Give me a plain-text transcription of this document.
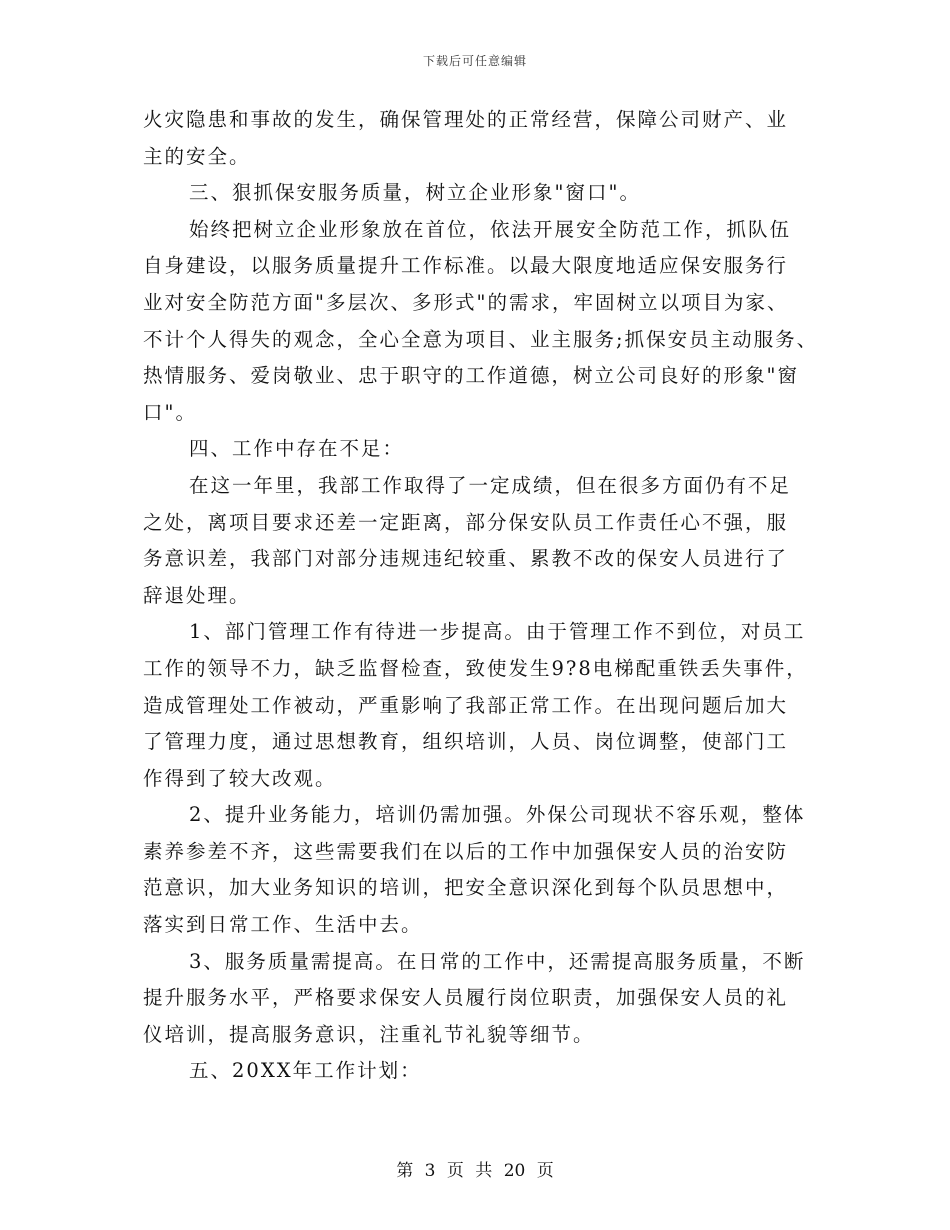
下载后可任意编辑
火灾隐患和事故的发生，确保管理处的正常经营，保障公司财产、业
主的安全。
三、狠抓保安服务质量，树立企业形象"窗口"。
始终把树立企业形象放在首位，依法开展安全防范工作，抓队伍
自身建设，以服务质量提升工作标准。以最大限度地适应保安服务行
业对安全防范方面"多层次、多形式"的需求，牢固树立以项目为家、
不计个人得失的观念，全心全意为项目、业主服务;抓保安员主动服务、
热情服务、爱岗敬业、忠于职守的工作道德，树立公司良好的形象"窗
口"。
四、工作中存在不足：
在这一年里，我部工作取得了一定成绩，但在很多方面仍有不足
之处，离项目要求还差一定距离，部分保安队员工作责任心不强，服
务意识差，我部门对部分违规违纪较重、累教不改的保安人员进行了
辞退处理。
1、部门管理工作有待进一步提高。由于管理工作不到位，对员工
工作的领导不力，缺乏监督检查，致使发生9?8电梯配重铁丢失事件，
造成管理处工作被动，严重影响了我部正常工作。在出现问题后加大
了管理力度，通过思想教育，组织培训，人员、岗位调整，使部门工
作得到了较大改观。
2、提升业务能力，培训仍需加强。外保公司现状不容乐观，整体
素养参差不齐，这些需要我们在以后的工作中加强保安人员的治安防
范意识，加大业务知识的培训，把安全意识深化到每个队员思想中，
落实到日常工作、生活中去。
3、服务质量需提高。在日常的工作中，还需提高服务质量，不断
提升服务水平，严格要求保安人员履行岗位职责，加强保安人员的礼
仪培训，提高服务意识，注重礼节礼貌等细节。
五、20XX年工作计划：
第 3 页 共 20 页
